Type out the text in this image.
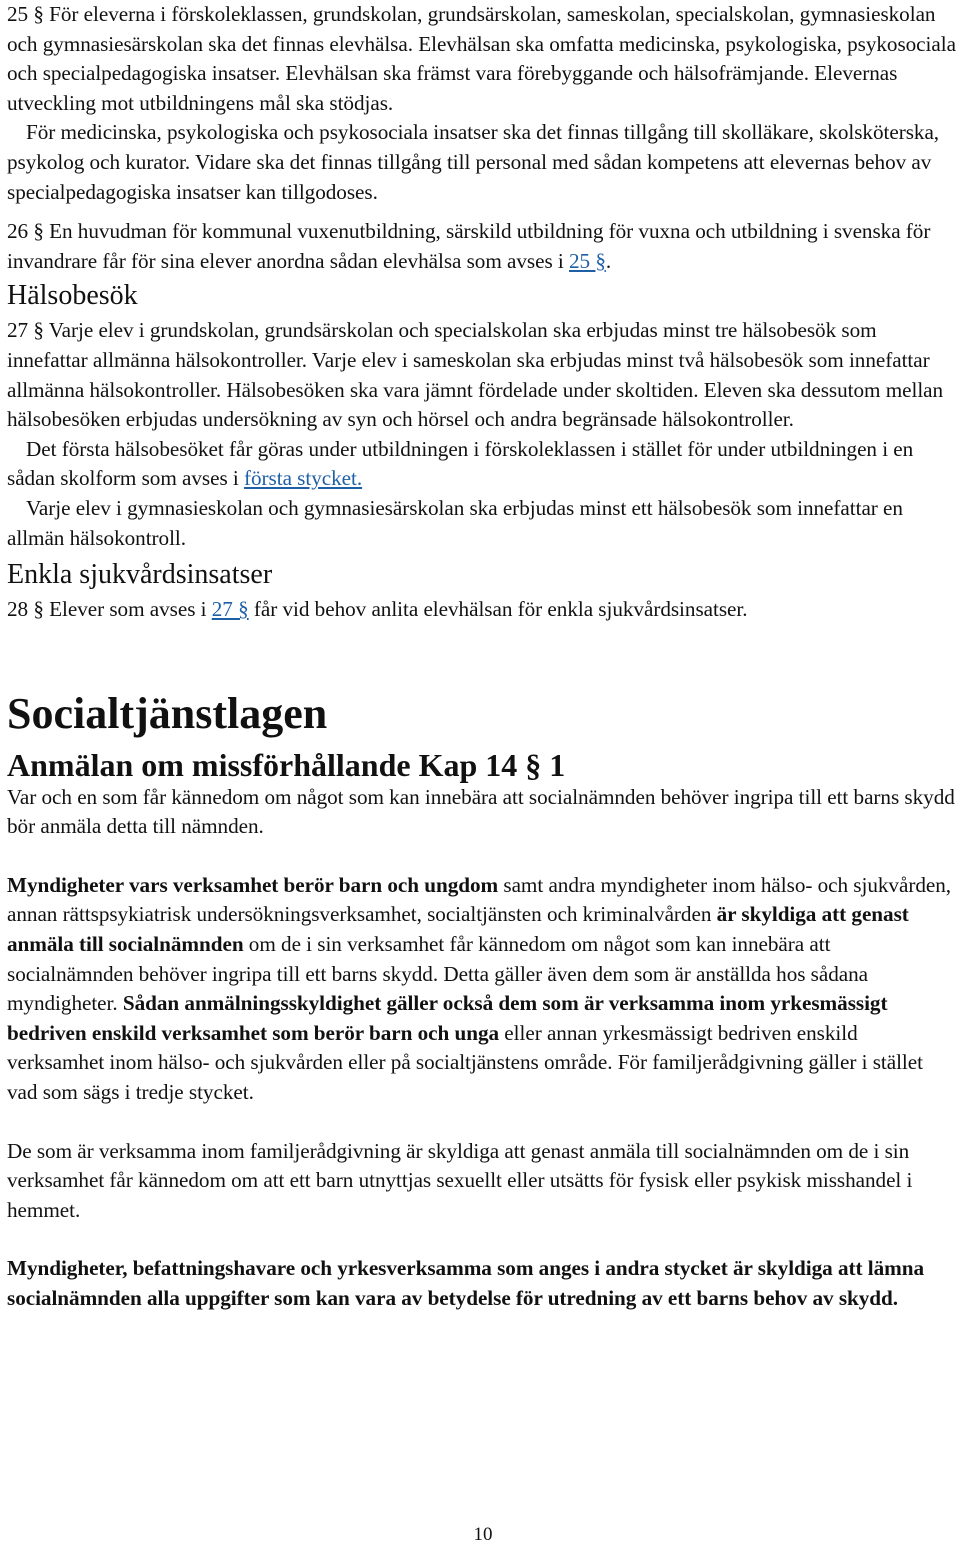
25 § För eleverna i förskoleklassen, grundskolan, grundsärskolan, sameskolan, specialskolan, gymnasieskolan och gymnasiesärskolan ska det finnas elevhälsa. Elevhälsan ska omfatta medicinska, psykologiska, psykosociala och specialpedagogiska insatser. Elevhälsan ska främst vara förebyggande och hälsofrämjande. Elevernas utveckling mot utbildningens mål ska stödjas.

För medicinska, psykologiska och psykosociala insatser ska det finnas tillgång till skolläkare, skolsköterska, psykolog och kurator. Vidare ska det finnas tillgång till personal med sådan kompetens att elevernas behov av specialpedagogiska insatser kan tillgodoses.

26 § En huvudman för kommunal vuxenutbildning, särskild utbildning för vuxna och utbildning i svenska för invandrare får för sina elever anordna sådan elevhälsa som avses i 25 §.

Hälsobesök

27 § Varje elev i grundskolan, grundsärskolan och specialskolan ska erbjudas minst tre hälsobesök som innefattar allmänna hälsokontroller. Varje elev i sameskolan ska erbjudas minst två hälsobesök som innefattar allmänna hälsokontroller. Hälsobesöken ska vara jämnt fördelade under skoltiden. Eleven ska dessutom mellan hälsobesöken erbjudas undersökning av syn och hörsel och andra begränsade hälsokontroller.

Det första hälsobesöket får göras under utbildningen i förskoleklassen i stället för under utbildningen i en sådan skolform som avses i första stycket.

Varje elev i gymnasieskolan och gymnasiesärskolan ska erbjudas minst ett hälsobesök som innefattar en allmän hälsokontroll.

Enkla sjukvårdsinsatser

28 § Elever som avses i 27 § får vid behov anlita elevhälsan för enkla sjukvårdsinsatser.

Socialtjänstlagen
Anmälan om missförhållande Kap 14 § 1

Var och en som får kännedom om något som kan innebära att socialnämnden behöver ingripa till ett barns skydd bör anmäla detta till nämnden.

Myndigheter vars verksamhet berör barn och ungdom samt andra myndigheter inom hälso- och sjukvården, annan rättspsykiatrisk undersökningsverksamhet, socialtjänsten och kriminalvården är skyldiga att genast anmäla till socialnämnden om de i sin verksamhet får kännedom om något som kan innebära att socialnämnden behöver ingripa till ett barns skydd. Detta gäller även dem som är anställda hos sådana myndigheter. Sådan anmälningsskyldighet gäller också dem som är verksamma inom yrkesmässigt bedriven enskild verksamhet som berör barn och unga eller annan yrkesmässigt bedriven enskild verksamhet inom hälso- och sjukvården eller på socialtjänstens område. För familjerådgivning gäller i stället vad som sägs i tredje stycket.

De som är verksamma inom familjerådgivning är skyldiga att genast anmäla till socialnämnden om de i sin verksamhet får kännedom om att ett barn utnyttjas sexuellt eller utsätts för fysisk eller psykisk misshandel i hemmet.

Myndigheter, befattningshavare och yrkesverksamma som anges i andra stycket är skyldiga att lämna socialnämnden alla uppgifter som kan vara av betydelse för utredning av ett barns behov av skydd.

10
